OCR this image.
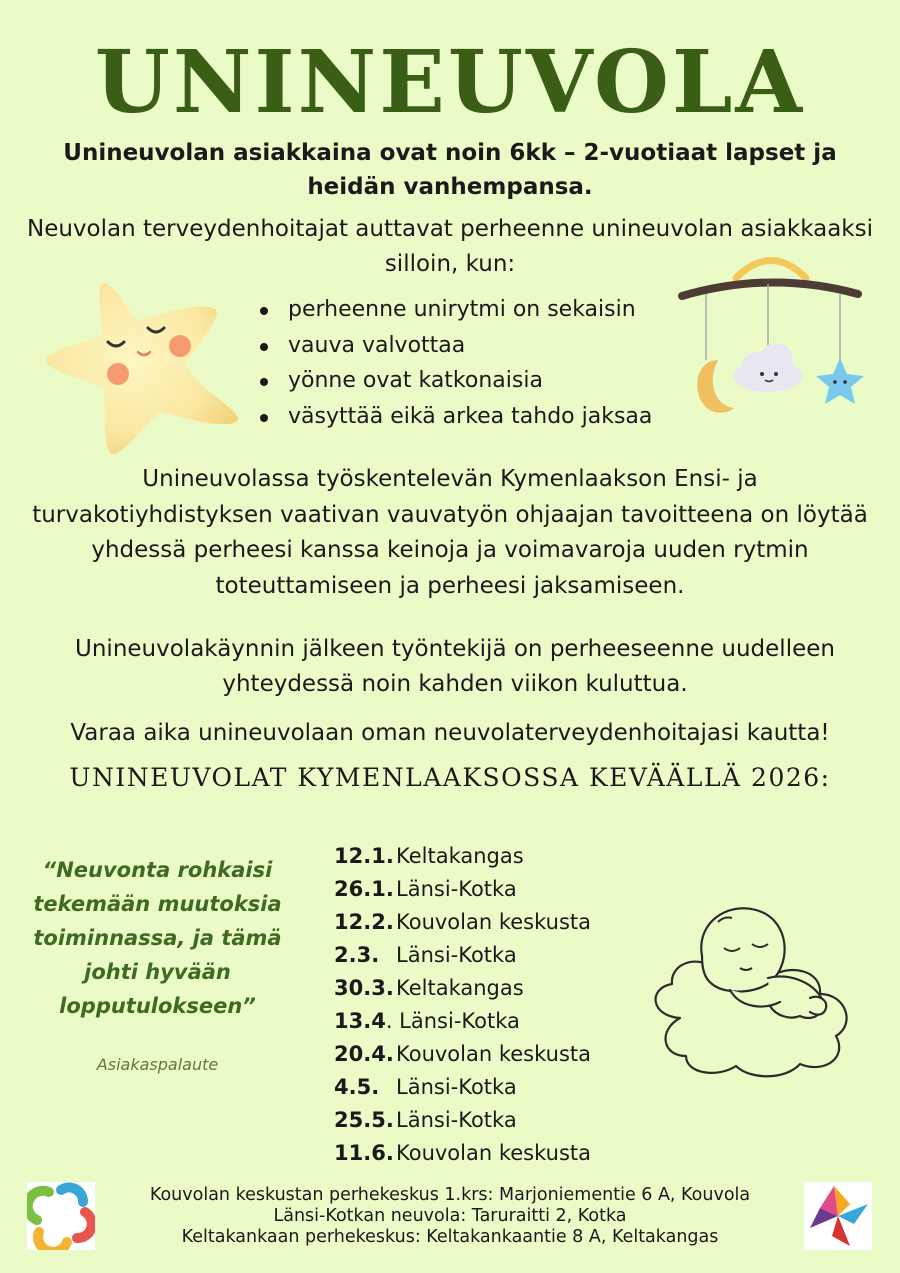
UNINEUVOLA
Unineuvolan asiakkaina ovat noin 6kk – 2-vuotiaat lapset ja heidän vanhempansa.
Neuvolan terveydenhoitajat auttavat perheenne unineuvolan asiakkaaksi silloin, kun:
perheenne unirytmi on sekaisin
vauva valvottaa
yönne ovat katkonaisia
väsyttää eikä arkea tahdo jaksaa
Unineuvolassa työskentelevän Kymenlaakson Ensi- ja turvakotiyhdistyksen vaativan vauvatyön ohjaajan tavoitteena on löytää yhdessä perheesi kanssa keinoja ja voimavaroja uuden rytmin toteuttamiseen ja perheesi jaksamiseen.
Unineuvolakäynnin jälkeen työntekijä on perheeseenne uudelleen yhteydessä noin kahden viikon kuluttua.
Varaa aika unineuvolaan oman neuvolaterveydenhoitajasi kautta!
UNINEUVOLAT KYMENLAAKSOSSA KEVÄÄLLÄ 2026:
“Neuvonta rohkaisi tekemään muutoksia toiminnassa, ja tämä johti hyvään lopputulokseen”
Asiakaspalaute
12.1. Keltakangas
26.1. Länsi-Kotka
12.2. Kouvolan keskusta
2.3. Länsi-Kotka
30.3. Keltakangas
13.4. Länsi-Kotka
20.4. Kouvolan keskusta
4.5. Länsi-Kotka
25.5. Länsi-Kotka
11.6. Kouvolan keskusta
Kouvolan keskustan perhekeskus 1.krs: Marjoniementie 6 A, Kouvola
Länsi-Kotkan neuvola: Taruraitti 2, Kotka
Keltakankaan perhekeskus: Keltakankaantie 8 A, Keltakangas
